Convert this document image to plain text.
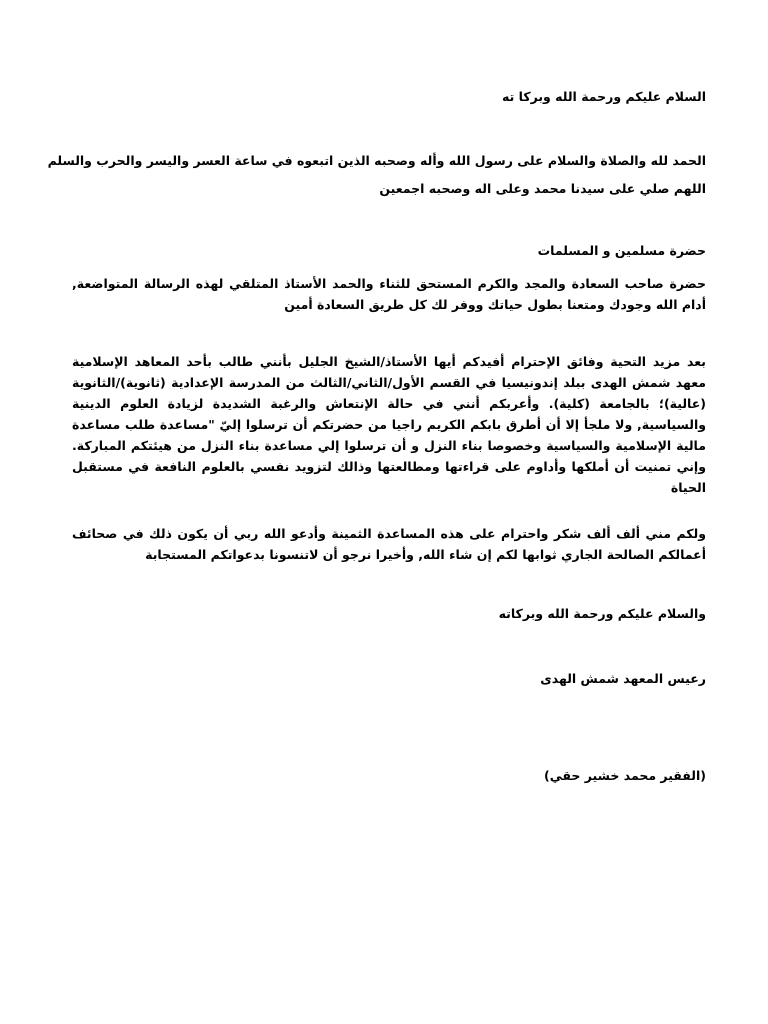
السلام عليكم ورحمة الله وبركا ته
الحمد لله والصلاة والسلام على رسول الله وأله وصحبه الذين اتبعوه في ساعة العسر واليسر والحرب والسلم
اللهم صلي على سيدنا محمد وعلى اله وصحبه اجمعين
حضرة مسلمين و المسلمات
حضرة صاحب السعادة والمجد والكرم المستحق للثناء والحمد الأستاذ المتلقي لهذه الرسالة المتواضعة, أدام الله وجودك ومتعنا بطول حياتك ووفر لك كل طريق السعادة أمين
بعد مزيد التحية وفائق الإحترام أفيدكم أيها الأستاذ/الشيخ الجليل بأنني طالب بأحد المعاهد الإسلامية معهد شمش الهدى ببلد إندونيسيا في القسم الأول/الثاني/الثالث من المدرسة الإعدادية (ثانوية)/الثانوية (عالية)؛ بالجامعة (كلية). وأعربكم أنني في حالة الإنتعاش والرغبة الشديدة لزيادة العلوم الدينية والسياسية, ولا ملجأ إلا أن أطرق بابكم الكريم راجيا من حضرتكم أن ترسلوا إليّ "مساعدة طلب مساعدة مالية الإسلامية والسياسية وخصوصا بناء النزل و أن ترسلوا إلي مساعدة بناء النزل من هيئتكم المباركة. وإني تمنيت أن أملكها وأداوم على قراءتها ومطالعتها وذالك لتزويد نفسي بالعلوم النافعة في مستقبل الحياة
ولكم مني ألف ألف شكر واحترام على هذه المساعدة الثمينة وأدعو الله ربي أن يكون ذلك في صحائف أعمالكم الصالحة الجاري ثوابها لكم إن شاء الله, وأخيرا نرجو أن لاتنسونا بدعواتكم المستجابة
والسلام عليكم ورحمة الله وبركاته
رعيس المعهد شمش الهدى
(الفقير محمد خشير حقي)
